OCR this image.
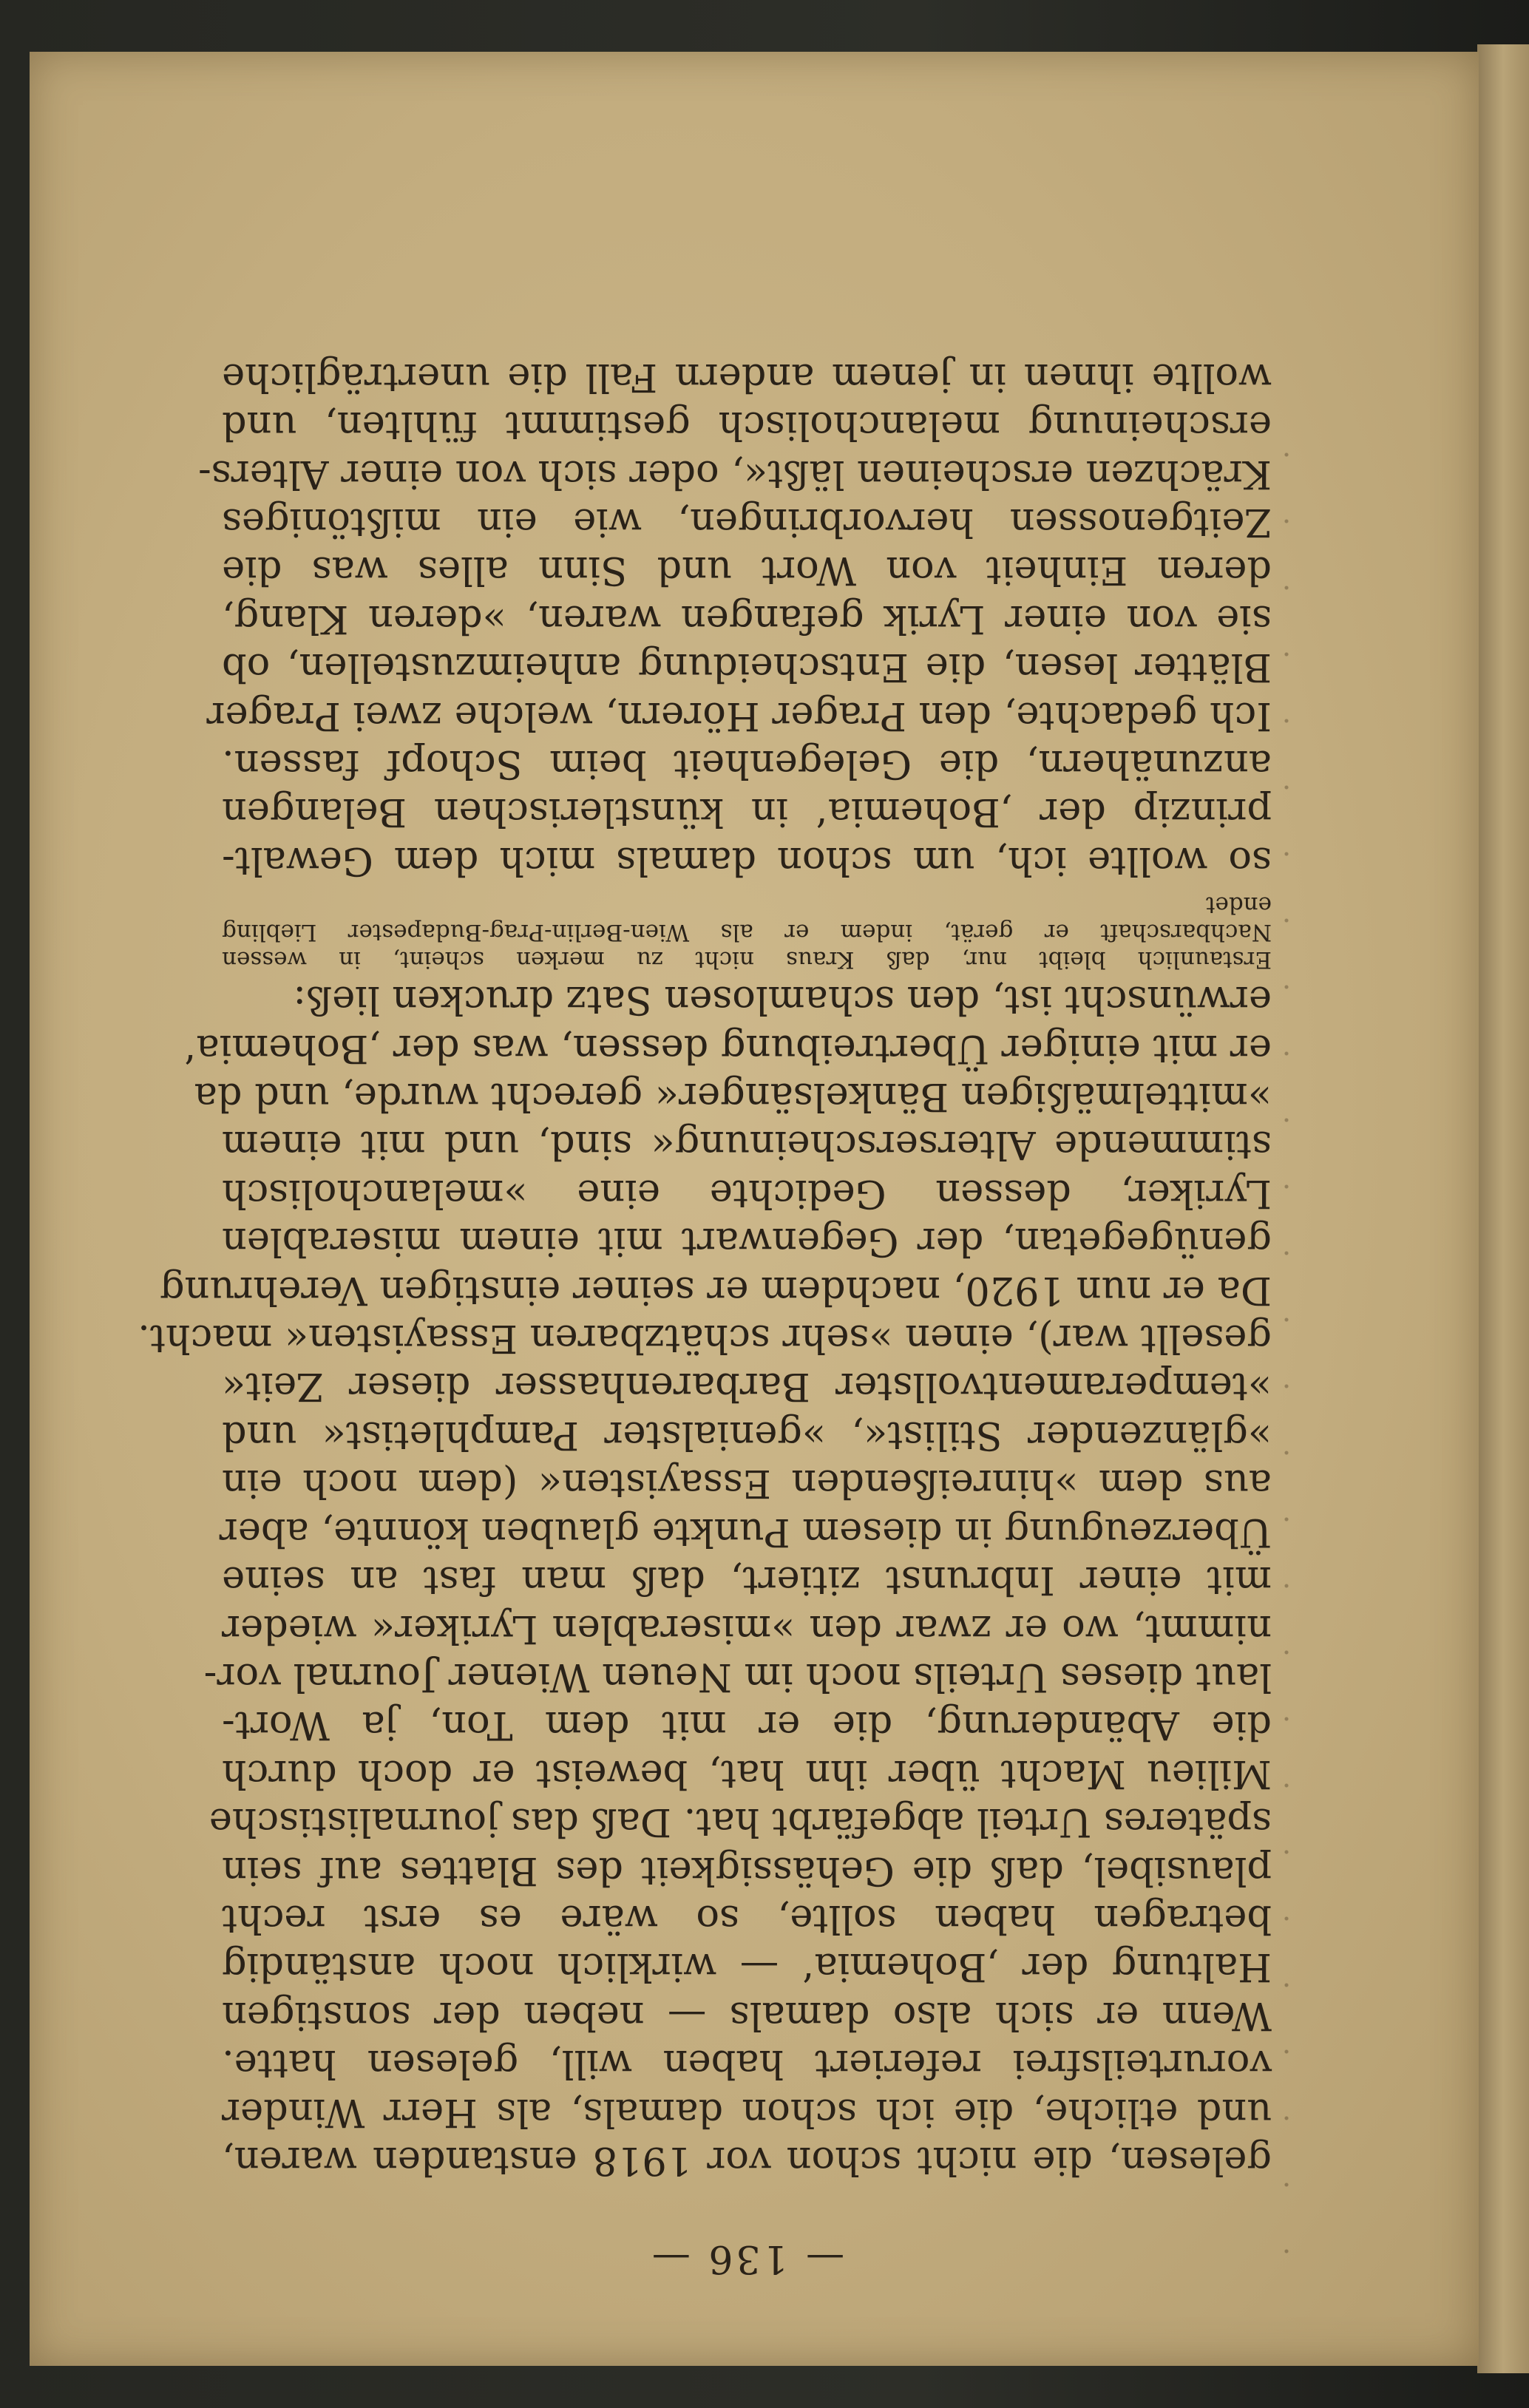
— 136 —
gelesen, die nicht schon vor 1918 enstanden waren,
und etliche, die ich schon damals, als Herr Winder
vorurteilsfrei referiert haben will, gelesen hatte.
Wenn er sich also damals — neben der sonstigen
Haltung der ‚Bohemia‘ — wirklich noch anständig
betragen haben sollte, so wäre es erst recht
plausibel, daß die Gehässigkeit des Blattes auf sein
späteres Urteil abgefärbt hat. Daß das journalistische
Milieu Macht über ihn hat, beweist er doch durch
die Abänderung, die er mit dem Ton, ja Wort-
laut dieses Urteils noch im Neuen Wiener Journal vor-
nimmt, wo er zwar den »miserablen Lyriker« wieder
mit einer Inbrunst zitiert, daß man fast an seine
Überzeugung in diesem Punkte glauben könnte, aber
aus dem »hinreißenden Essayisten« (dem noch ein
»glänzender Stilist«, »genialster Pamphletist« und
»temperamentvollster Barbarenhasser dieser Zeit«
gesellt war), einen »sehr schätzbaren Essayisten« macht.
Da er nun 1920, nachdem er seiner einstigen Verehrung
genügegetan, der Gegenwart mit einem miserablen
Lyriker, dessen Gedichte eine »melancholisch
stimmende Alterserscheinung« sind, und mit einem
»mittelmäßigen Bänkelsänger« gerecht wurde, und da
er mit einiger Übertreibung dessen, was der ‚Bohemia‘
erwünscht ist, den schamlosen Satz drucken ließ:
Erstaunlich bleibt nur, daß Kraus nicht zu merken scheint, in wessen
Nachbarschaft er gerät, indem er als Wien-Berlin-Prag-Budapester Liebling
endet
so wollte ich, um schon damals mich dem Gewalt-
prinzip der ‚Bohemia‘ in künstlerischen Belangen
anzunähern, die Gelegenheit beim Schopf fassen.
Ich gedachte, den Prager Hörern, welche zwei Prager
Blätter lesen, die Entscheidung anheimzustellen, ob
sie von einer Lyrik gefangen waren, »deren Klang,
deren Einheit von Wort und Sinn alles was die
Zeitgenossen hervorbringen, wie ein mißtöniges
Krächzen erscheinen läßt«, oder sich von einer Alters-
erscheinung melancholisch gestimmt fühlten, und
wollte ihnen in jenem andern Fall die unerträgliche
